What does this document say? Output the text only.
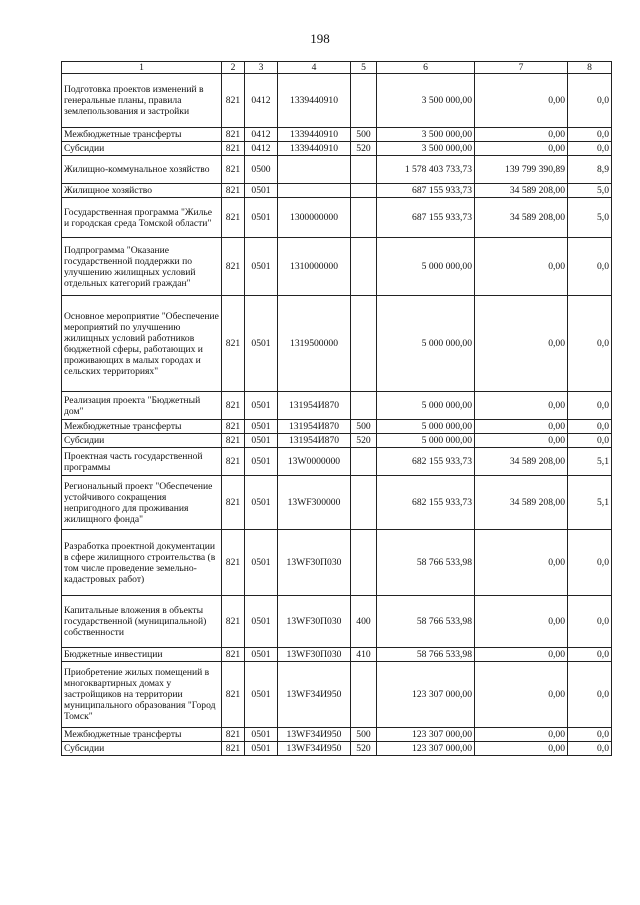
198
1	2	3	4	5	6	7	8
Подготовка проектов изменений в генеральные планы, правила землепользования и застройки	821	0412	1339440910		3 500 000,00	0,00	0,0
Межбюджетные трансферты	821	0412	1339440910	500	3 500 000,00	0,00	0,0
Субсидии	821	0412	1339440910	520	3 500 000,00	0,00	0,0
Жилищно-коммунальное хозяйство	821	0500			1 578 403 733,73	139 799 390,89	8,9
Жилищное хозяйство	821	0501			687 155 933,73	34 589 208,00	5,0
Государственная программа "Жилье и городская среда Томской области"	821	0501	1300000000		687 155 933,73	34 589 208,00	5,0
Подпрограмма "Оказание государственной поддержки по улучшению жилищных условий отдельных категорий граждан"	821	0501	1310000000		5 000 000,00	0,00	0,0
Основное мероприятие "Обеспечение мероприятий по улучшению жилищных условий работников бюджетной сферы, работающих и проживающих в малых городах и сельских территориях"	821	0501	1319500000		5 000 000,00	0,00	0,0
Реализация проекта "Бюджетный дом"	821	0501	131954И870		5 000 000,00	0,00	0,0
Межбюджетные трансферты	821	0501	131954И870	500	5 000 000,00	0,00	0,0
Субсидии	821	0501	131954И870	520	5 000 000,00	0,00	0,0
Проектная часть государственной программы	821	0501	13W0000000		682 155 933,73	34 589 208,00	5,1
Региональный проект "Обеспечение устойчивого сокращения непригодного для проживания жилищного фонда"	821	0501	13WF300000		682 155 933,73	34 589 208,00	5,1
Разработка проектной документации в сфере жилищного строительства (в том числе проведение земельно-кадастровых работ)	821	0501	13WF30П030		58 766 533,98	0,00	0,0
Капитальные вложения в объекты государственной (муниципальной) собственности	821	0501	13WF30П030	400	58 766 533,98	0,00	0,0
Бюджетные инвестиции	821	0501	13WF30П030	410	58 766 533,98	0,00	0,0
Приобретение жилых помещений в многоквартирных домах у застройщиков на территории муниципального образования "Город Томск"	821	0501	13WF34И950		123 307 000,00	0,00	0,0
Межбюджетные трансферты	821	0501	13WF34И950	500	123 307 000,00	0,00	0,0
Субсидии	821	0501	13WF34И950	520	123 307 000,00	0,00	0,0
